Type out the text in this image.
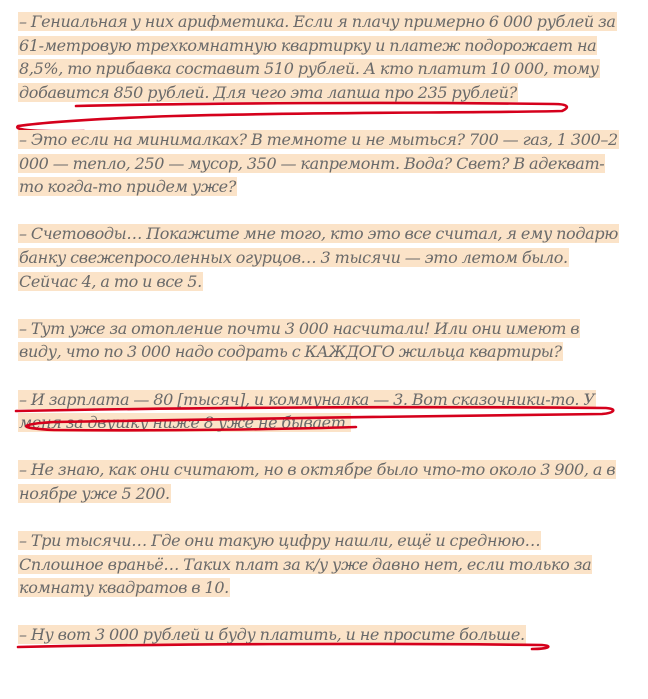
– Гениальная у них арифметика. Если я плачу примерно 6 000 рублей за 61-метровую трехкомнатную квартирку и платеж подорожает на 8,5%, то прибавка составит 510 рублей. А кто платит 10 000, тому добавится 850 рублей. Для чего эта лапша про 235 рублей?

– Это если на минималках? В темноте и не мыться? 700 — газ, 1 300–2 000 — тепло, 250 — мусор, 350 — капремонт. Вода? Свет? В адекват-то когда-то придем уже?

– Счетоводы… Покажите мне того, кто это все считал, я ему подарю банку свежепросоленных огурцов… 3 тысячи — это летом было. Сейчас 4, а то и все 5.

– Тут уже за отопление почти 3 000 насчитали! Или они имеют в виду, что по 3 000 надо содрать с КАЖДОГО жильца квартиры?

– И зарплата — 80 [тысяч], и коммуналка — 3. Вот сказочники-то. У меня за двушку ниже 8 уже не бывает.

– Не знаю, как они считают, но в октябре было что-то около 3 900, а в ноябре уже 5 200.

– Три тысячи… Где они такую цифру нашли, ещё и среднюю… Сплошное враньё… Таких плат за к/у уже давно нет, если только за комнату квадратов в 10.

– Ну вот 3 000 рублей и буду платить, и не просите больше.
